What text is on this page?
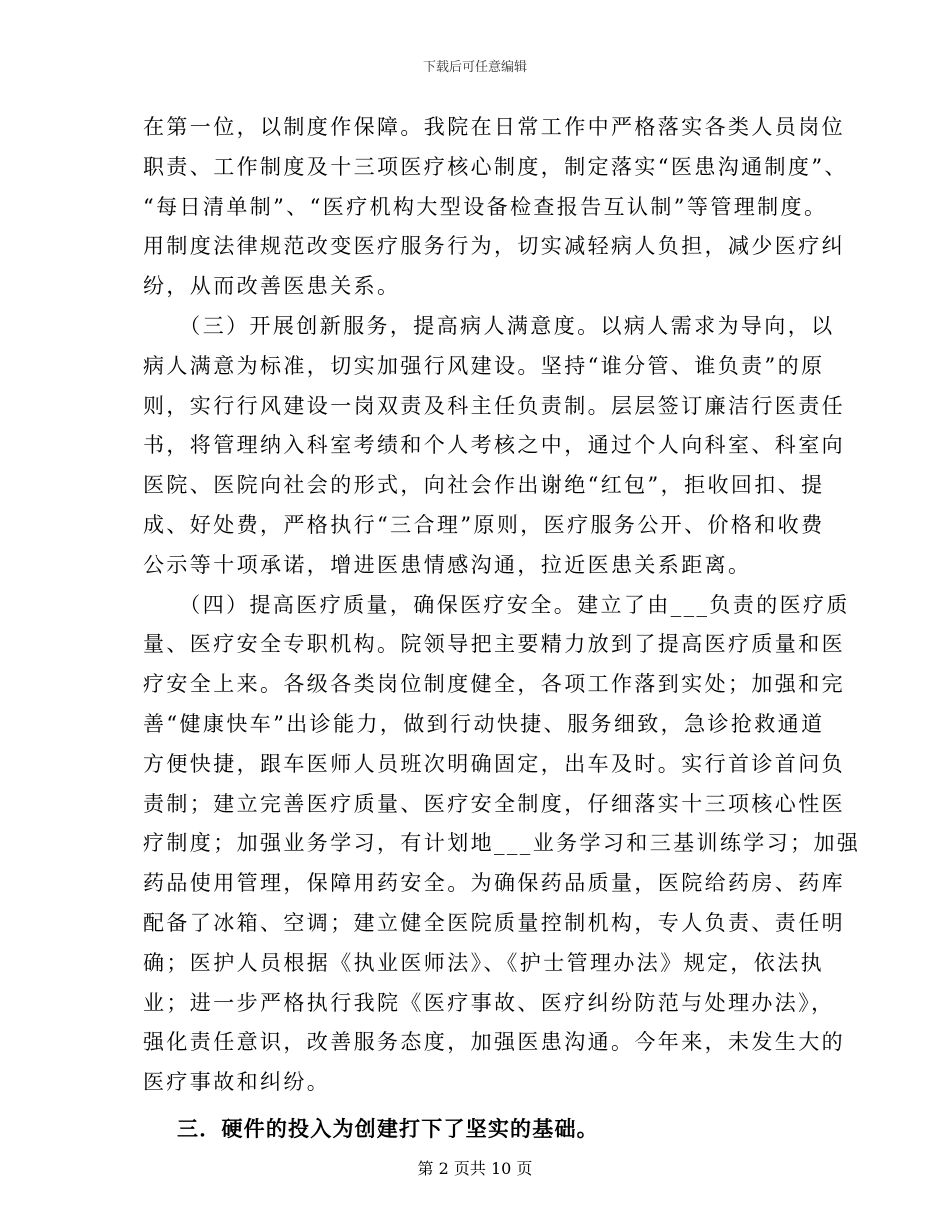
下载后可任意编辑
在第一位，以制度作保障。我院在日常工作中严格落实各类人员岗位
职责、工作制度及十三项医疗核心制度，制定落实“医患沟通制度”、
“每日清单制”、“医疗机构大型设备检查报告互认制”等管理制度。
用制度法律规范改变医疗服务行为，切实减轻病人负担，减少医疗纠
纷，从而改善医患关系。
（三）开展创新服务，提高病人满意度。以病人需求为导向，以
病人满意为标准，切实加强行风建设。坚持“谁分管、谁负责”的原
则，实行行风建设一岗双责及科主任负责制。层层签订廉洁行医责任
书，将管理纳入科室考绩和个人考核之中，通过个人向科室、科室向
医院、医院向社会的形式，向社会作出谢绝“红包”，拒收回扣、提
成、好处费，严格执行“三合理”原则，医疗服务公开、价格和收费
公示等十项承诺，增进医患情感沟通，拉近医患关系距离。
（四）提高医疗质量，确保医疗安全。建立了由___负责的医疗质
量、医疗安全专职机构。院领导把主要精力放到了提高医疗质量和医
疗安全上来。各级各类岗位制度健全，各项工作落到实处；加强和完
善“健康快车”出诊能力，做到行动快捷、服务细致，急诊抢救通道
方便快捷，跟车医师人员班次明确固定，出车及时。实行首诊首问负
责制；建立完善医疗质量、医疗安全制度，仔细落实十三项核心性医
疗制度；加强业务学习，有计划地___业务学习和三基训练学习；加强
药品使用管理，保障用药安全。为确保药品质量，医院给药房、药库
配备了冰箱、空调；建立健全医院质量控制机构，专人负责、责任明
确；医护人员根据《执业医师法》、《护士管理办法》规定，依法执
业；进一步严格执行我院《医疗事故、医疗纠纷防范与处理办法》，
强化责任意识，改善服务态度，加强医患沟通。今年来，未发生大的
医疗事故和纠纷。
三．硬件的投入为创建打下了坚实的基础。
第 2 页共 10 页
